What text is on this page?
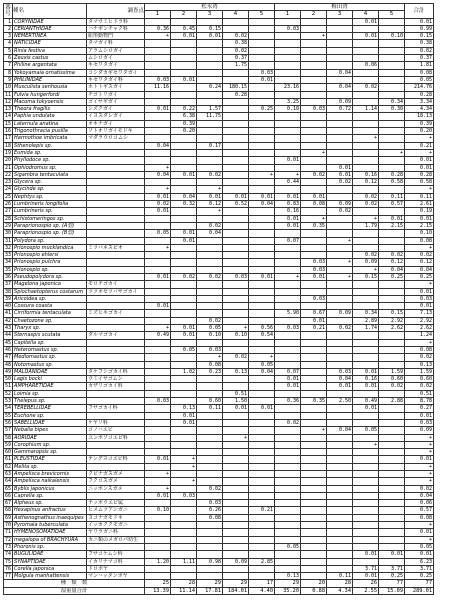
番号	種名	調査点	松永湾					梅田湾					合計
			1	2	3	4	5	1	2	3	4	5	
1	CORYNIDAE	タマウミヒドラ科									0.01		0.01
2	CERIANTHIDAE	ハナギンチャク科	0.36	0.45	0.15			0.03					0.99
3	NEMERTINEA	紐形動物門	+	0.01	0.01	0.02			+		0.01	0.10	0.15
4	NATICIDAE	タマガイ科				0.38							0.38
5	Rinia festiva	アラムシロガイ				0.02							0.02
6	Zeuxis castus	ムシロガイ				0.37							0.37
7	Philine argentata	キセワタガイ				1.75					0.06		1.81
8	Yokoyamaia ornatissima	コシダカギセワタガイ					0.03			0.04			0.08
9	PHILINIDAE	キセワタガイ科	0.03	0.01			0.01						0.05
10	Musculista senhousia	ホトトギスガイ	11.16		0.24	180.15		23.16		0.04	0.02		214.76
11	Fulvia hungerfordi	チゴトリガイ				0.28							0.28
12	Macoma tokyoensis	ゴイサギガイ						3.25		0.09		0.34	3.34
13	Theora fragilis	シズクガイ	0.01	0.22	1.57		0.25	0.10	0.03	0.72	1.14	0.30	4.34
14	Paphia undulata	イヨスダレガイ		6.38	11.75								18.13
15	Laternula anatina	オキナガイ		0.39									0.39
16	Trigonothracia pusilla	ソトオリガイモドキ		0.20									0.20
17	Harmothoe imbricata	マダラウロコムシ									+		+
18	Sthenolepis sp.		0.04		0.17								0.21
19	Eumida sp.								+			+	+
20	Phyllodoce sp.							0.01					0.01
21	Ophiodromus sp.		+							0.01			0.01
22	Sigambra tentaculata		0.04	0.01	0.02		+	+	0.02	0.01	0.16	0.28	0.28
23	Glycera sp.							0.44		0.02	0.12	0.58	0.58
24	Glycinde sp.		+		+								+
25	Nephtys sp.		0.01	0.04	0.01	0.01	0.01	0.01	0.01		0.02	0.11	0.11
26	Lumbrineris longifolia		0.02	0.32	0.12	0.52	0.04	0.83	0.08	0.09	0.02	0.57	2.61
27	Lumbrineris sp.		0.01		+			0.16		0.02			0.19
28	Schistomeringos sp.							0.01	+		+	0.01	0.01
29	Paraprionospio sp. (A型)				0.02			0.01	0.35		1.79	2.15	2.15
30	Paraprionospio sp. (B型)		0.05	0.01	0.04								0.10
31	Polydora sp.			0.01				0.07		+			0.08
32	Prionospio mucklandica	ミツバネスピオ	+										+
33	Prionospio ehlersi										0.02	0.02	0.02
34	Prionospio pulchra								0.03	+	0.09	0.12	0.12
35	Prionospio sp.								0.03		+	0.04	0.04
36	Pseudopolydora sp.		0.01	0.02	0.02	0.03	0.01	+	0.01	+	0.15	0.25	0.25
37	Magelona japonica	モロテゴカイ											+
38	Spiochaetopterus costarum	ツツオセツバサゴカイ											0.01
39	Aricoidea sp.								0.03				0.03
40	Cossura coasta		0.01										0.01
41	Cirriformia tentaculata	ミズヒキゴカイ						5.90	0.67	0.09	0.34	0.15	7.13
42	Chaetozone sp.				0.02				0.01		2.89	2.92	2.92
43	Tharyx sp.		+	0.01	0.05	+	0.56	0.03	0.21	0.02	1.74	2.62	2.62
44	Sternaspis scutata	ダルマゴカイ	0.49	0.01	0.10	0.10	0.54						1.24
45	Capitella sp.												+
46	Heteromastus sp.			0.05	0.03								0.08
47	Mediomastus sp.				+	0.02	+						0.02
48	Notomastus sp.				0.08		0.05						0.13
49	MALDANIDAE	タケフシゴカイ科		1.02	0.23	0.13	0.04	0.07		0.03	0.01	1.59	1.59
50	Lagis bocki	ウミイサゴムシ						0.01		0.04	0.16	0.60	0.60
51	AMPHARETIDAE	カザリゴカイ科						0.01		0.01	0.01	0.02	0.02
52	Loimia sp.					0.51							0.51
53	Thelepus sp.		0.03		0.60	1.50		0.36	0.35	2.50	0.49	2.88	8.78
54	TEREBELLIDAE	フサゴカイ科		0.13	0.11	0.01	0.01				0.01		0.27
55	Euchone sp.			0.01									0.01
56	SABELLIDAE	ケヤリ科		0.01				0.02					0.03
57	Nebalia bipes	コノハエビ							+	0.04	0.05		0.09
58	AORIDAE	ユンボソコエビ科				+							+
59	Corophium sp.										+		+
60	Gammaropsis sp.												+
61	PLEUSTIDAE	テングヨコエビ科	0.01	+									0.01
62	Melita sp.			+									+
63	Ampelisca brevicornis	クビナガスガメ	+										+
64	Ampelisca naikaiensis	フクロスガメ		+									+
65	Byblis japonicus	ニッポンスガメ	+		0.02								0.02
66	Caprella sp.		0.01	0.03									0.04
67	Alpheus sp.	テッポウエビ属			0.03								0.06
68	Hexapinus anfractus	ヒメムツアシガニ	0.10		0.26		0.21						0.57
69	Asthenognathus inaequipes	ヨコナガモドキ			0.08								0.08
70	Pyromaia tuberculata	イッカククモガニ											+
71	HYMENOSOMATIDAE	ヤワラガニ科											0.01
72	megalopa of BRACHYURA	カニ類のメガロパ幼生											+
73	Phoronis sp.							0.05					0.05
74	BUGULIDAE	フサコケムシ科									0.01	0.01	0.01
75	SYNAPTIDAE	イカリナマコ科	1.20	1.11	0.98	0.09	2.85						6.23
76	Corella japonica	ドロボヤ									3.71	3.71	3.71
77	Molgula manhattensis	マンハッタンボヤ						0.13		0.11	0.01	0.25	0.25
種　類　数			25	28	29	29	17	29	20	28	26	77	77
湿重量合計			13.39	11.14	17.81	184.01	4.40	35.20	0.88	4.34	2.55	15.09	289.01
